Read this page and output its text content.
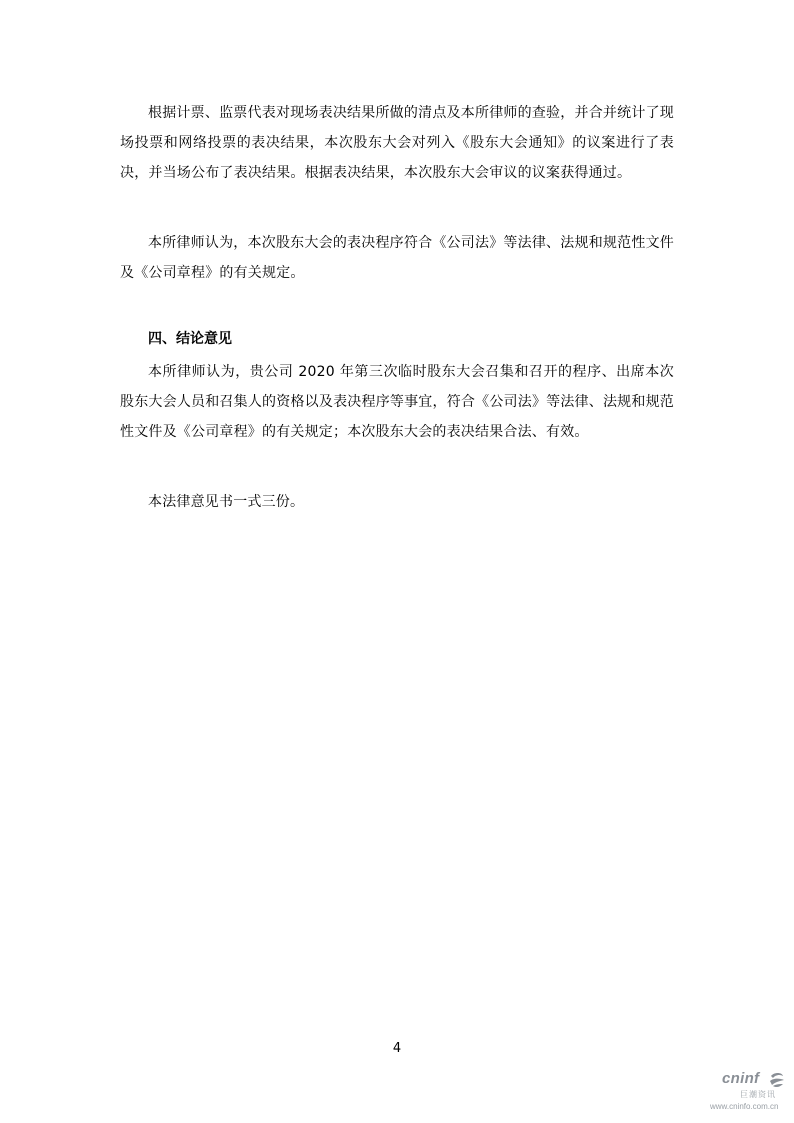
根据计票、监票代表对现场表决结果所做的清点及本所律师的查验，并合并统计了现场投票和网络投票的表决结果，本次股东大会对列入《股东大会通知》的议案进行了表决，并当场公布了表决结果。根据表决结果，本次股东大会审议的议案获得通过。

本所律师认为，本次股东大会的表决程序符合《公司法》等法律、法规和规范性文件及《公司章程》的有关规定。

四、结论意见

本所律师认为，贵公司 2020 年第三次临时股东大会召集和召开的程序、出席本次股东大会人员和召集人的资格以及表决程序等事宜，符合《公司法》等法律、法规和规范性文件及《公司章程》的有关规定；本次股东大会的表决结果合法、有效。

本法律意见书一式三份。

4
cninf
巨潮资讯
www.cninfo.com.cn
